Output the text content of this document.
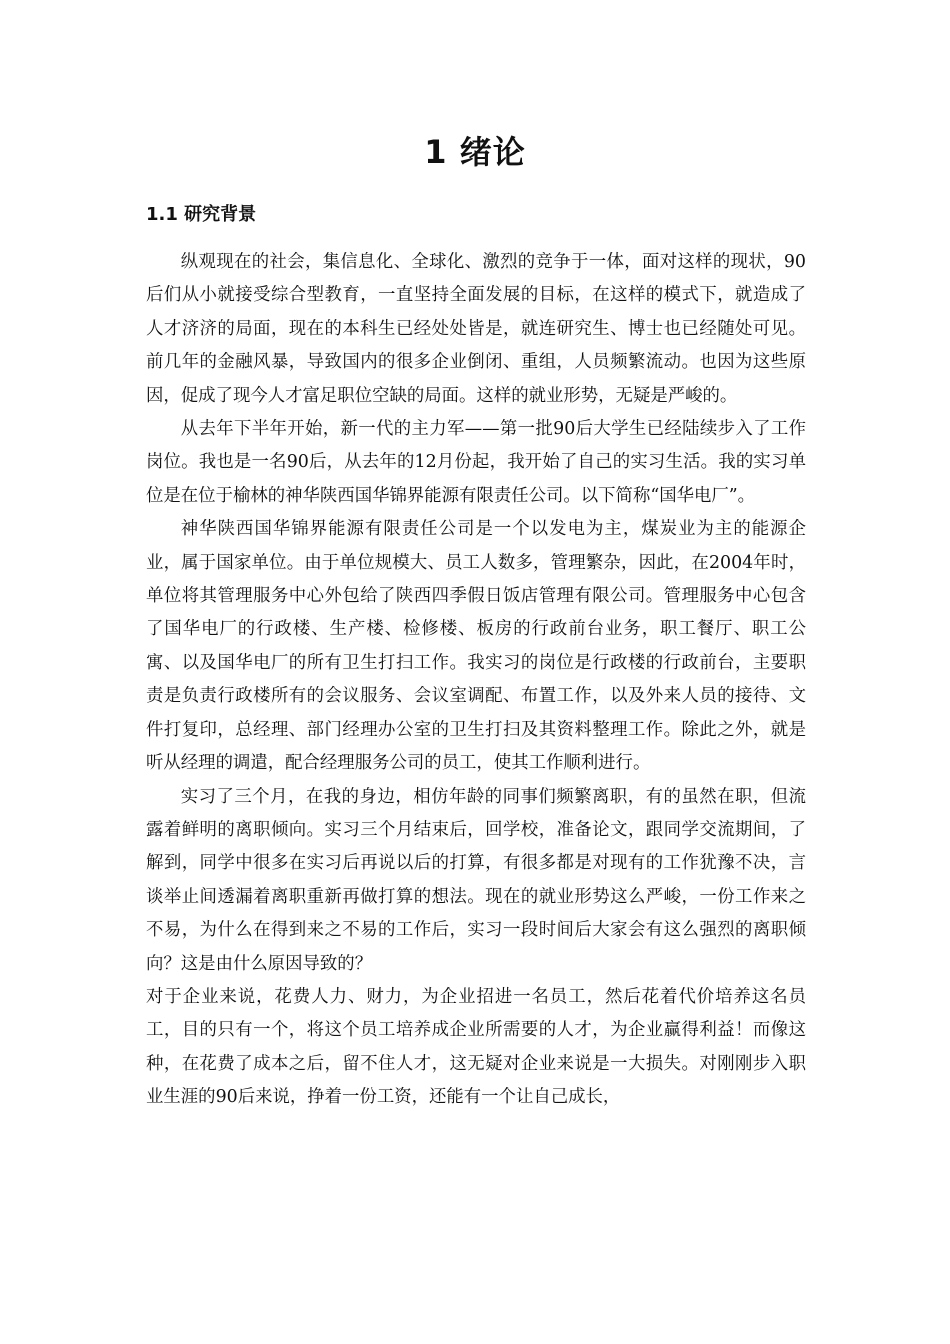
1 绪论
1.1 研究背景

纵观现在的社会，集信息化、全球化、激烈的竞争于一体，面对这样的现状，90后们从小就接受综合型教育，一直坚持全面发展的目标，在这样的模式下，就造成了人才济济的局面，现在的本科生已经处处皆是，就连研究生、博士也已经随处可见。前几年的金融风暴，导致国内的很多企业倒闭、重组，人员频繁流动。也因为这些原因，促成了现今人才富足职位空缺的局面。这样的就业形势，无疑是严峻的。

从去年下半年开始，新一代的主力军——第一批90后大学生已经陆续步入了工作岗位。我也是一名90后，从去年的12月份起，我开始了自己的实习生活。我的实习单位是在位于榆林的神华陕西国华锦界能源有限责任公司。以下简称“国华电厂”。

神华陕西国华锦界能源有限责任公司是一个以发电为主，煤炭业为主的能源企业，属于国家单位。由于单位规模大、员工人数多，管理繁杂，因此，在2004年时，单位将其管理服务中心外包给了陕西四季假日饭店管理有限公司。管理服务中心包含了国华电厂的行政楼、生产楼、检修楼、板房的行政前台业务，职工餐厅、职工公寓、以及国华电厂的所有卫生打扫工作。我实习的岗位是行政楼的行政前台，主要职责是负责行政楼所有的会议服务、会议室调配、布置工作，以及外来人员的接待、文件打复印，总经理、部门经理办公室的卫生打扫及其资料整理工作。除此之外，就是听从经理的调遣，配合经理服务公司的员工，使其工作顺利进行。

实习了三个月，在我的身边，相仿年龄的同事们频繁离职，有的虽然在职，但流露着鲜明的离职倾向。实习三个月结束后，回学校，准备论文，跟同学交流期间，了解到，同学中很多在实习后再说以后的打算，有很多都是对现有的工作犹豫不决，言谈举止间透漏着离职重新再做打算的想法。现在的就业形势这么严峻，一份工作来之不易，为什么在得到来之不易的工作后，实习一段时间后大家会有这么强烈的离职倾向？这是由什么原因导致的？

对于企业来说，花费人力、财力，为企业招进一名员工，然后花着代价培养这名员工，目的只有一个，将这个员工培养成企业所需要的人才，为企业赢得利益！而像这种，在花费了成本之后，留不住人才，这无疑对企业来说是一大损失。对刚刚步入职业生涯的90后来说，挣着一份工资，还能有一个让自己成长，
